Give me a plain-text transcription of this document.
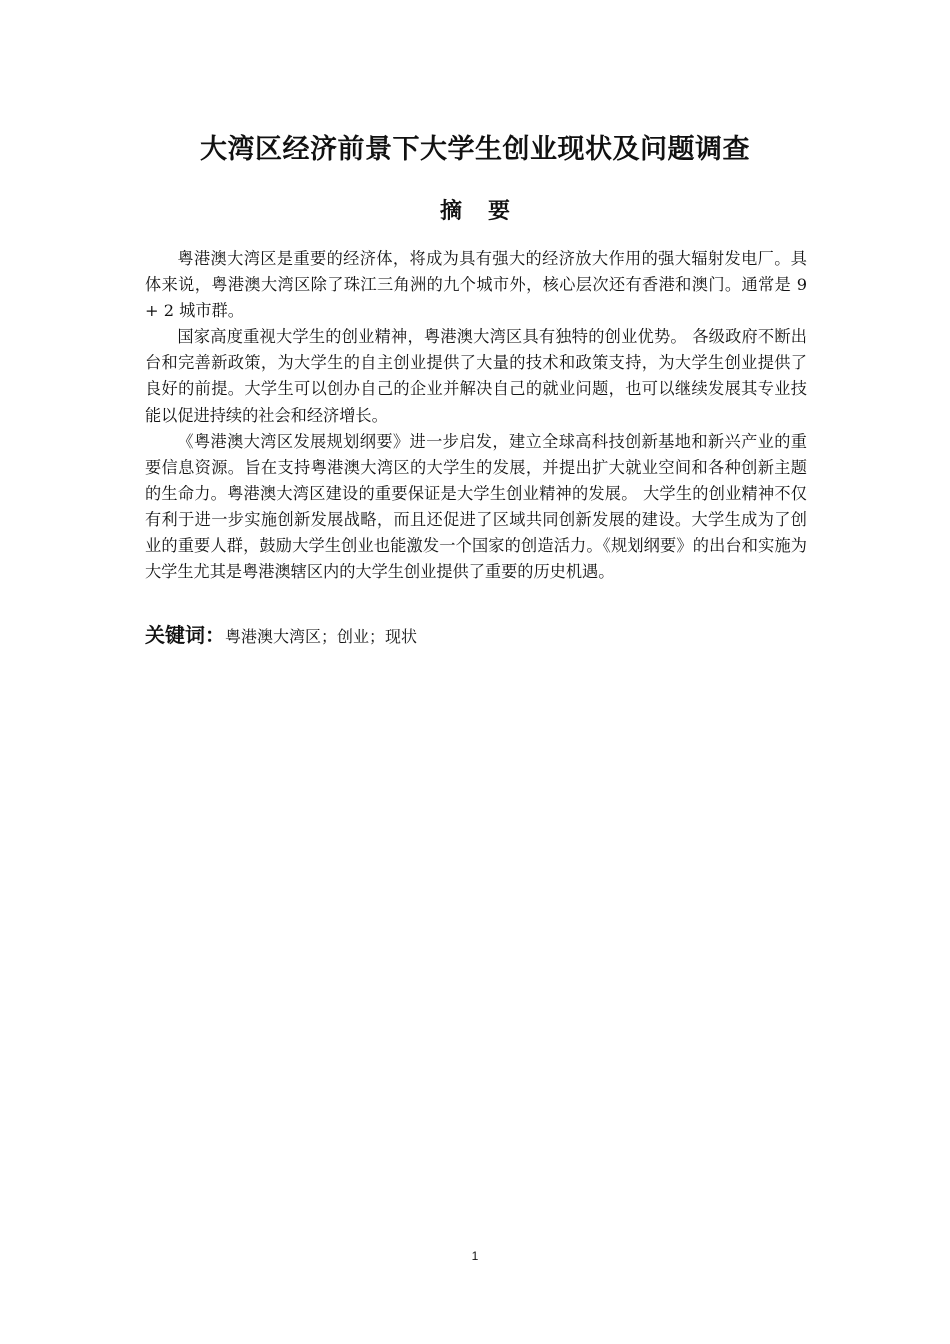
大湾区经济前景下大学生创业现状及问题调查
摘要

粤港澳大湾区是重要的经济体，将成为具有强大的经济放大作用的强大辐射发电厂。具体来说，粤港澳大湾区除了珠江三角洲的九个城市外，核心层次还有香港和澳门。通常是 9 + 2 城市群。

国家高度重视大学生的创业精神，粤港澳大湾区具有独特的创业优势。 各级政府不断出台和完善新政策，为大学生的自主创业提供了大量的技术和政策支持，为大学生创业提供了良好的前提。大学生可以创办自己的企业并解决自己的就业问题，也可以继续发展其专业技能以促进持续的社会和经济增长。

《粤港澳大湾区发展规划纲要》进一步启发，建立全球高科技创新基地和新兴产业的重要信息资源。旨在支持粤港澳大湾区的大学生的发展，并提出扩大就业空间和各种创新主题的生命力。粤港澳大湾区建设的重要保证是大学生创业精神的发展。 大学生的创业精神不仅有利于进一步实施创新发展战略，而且还促进了区域共同创新发展的建设。大学生成为了创业的重要人群，鼓励大学生创业也能激发一个国家的创造活力。《规划纲要》的出台和实施为大学生尤其是粤港澳辖区内的大学生创业提供了重要的历史机遇。

关键词：粤港澳大湾区；创业；现状
1
